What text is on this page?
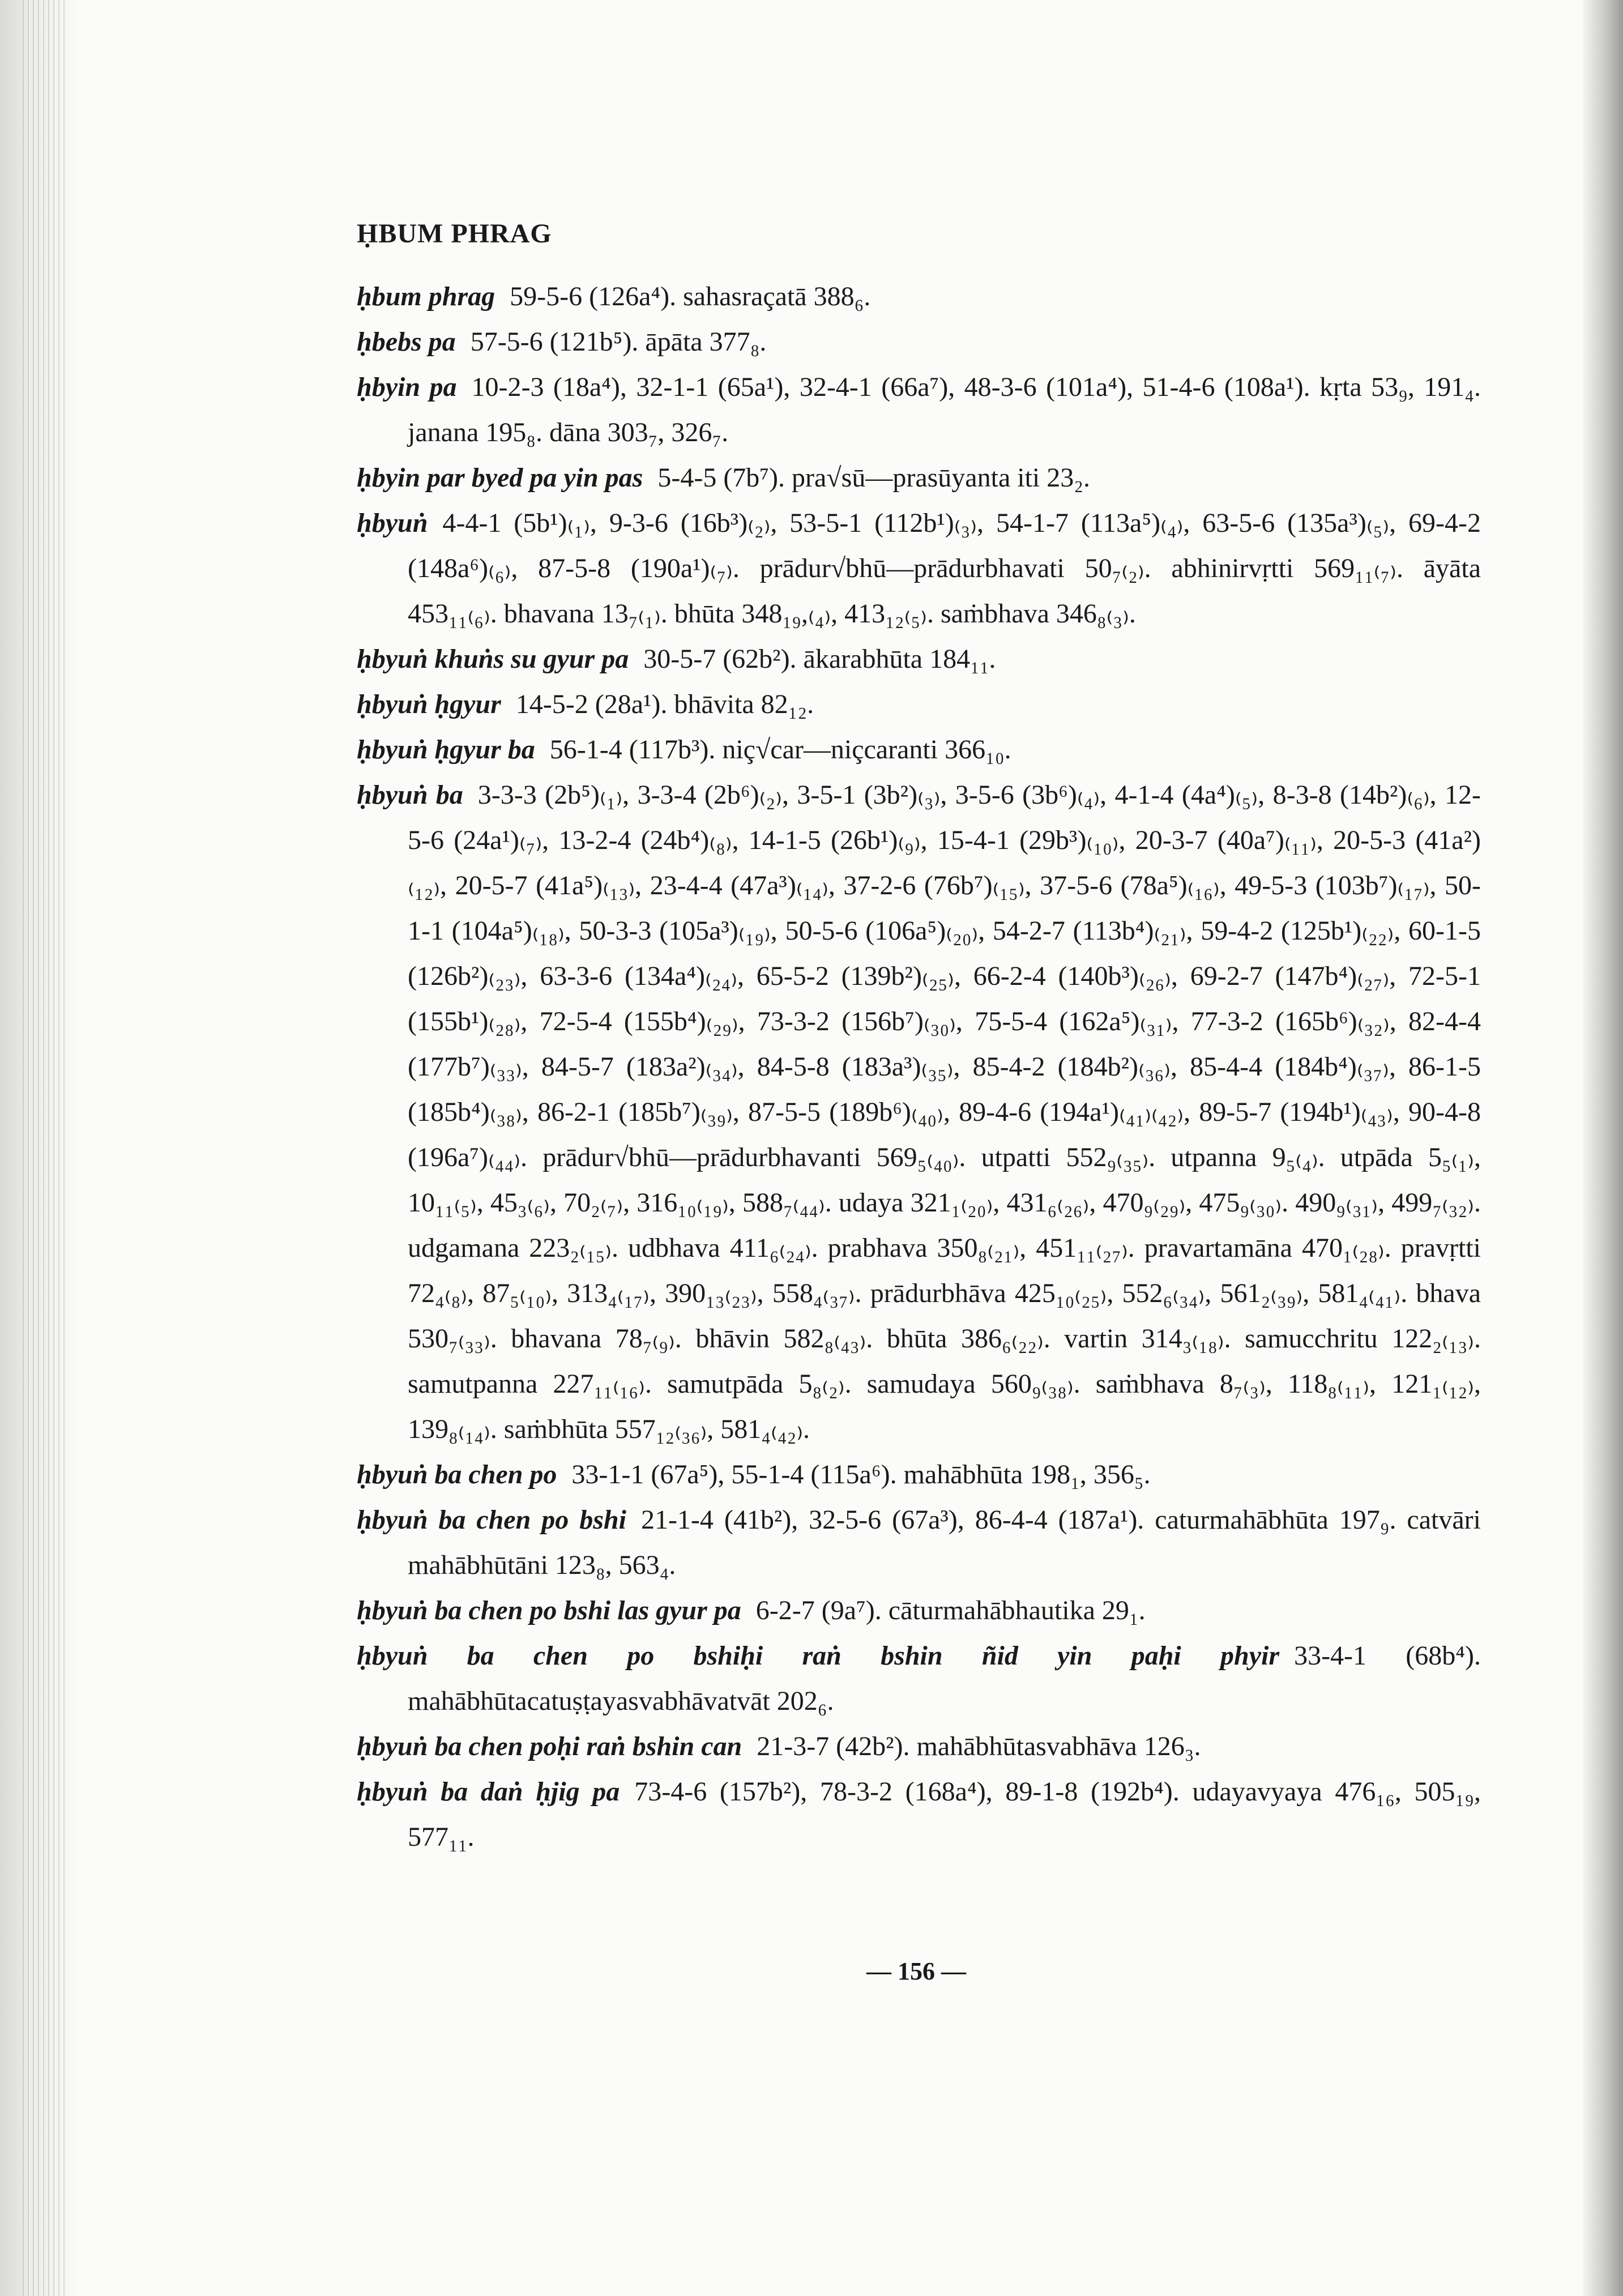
ḤBUM PHRAG

ḥbum phrag 59-5-6 (126a⁴). sahasraçatā 388₆.

ḥbebs pa 57-5-6 (121b⁵). āpāta 377₈.

ḥbyin pa 10-2-3 (18a⁴), 32-1-1 (65a¹), 32-4-1 (66a⁷), 48-3-6 (101a⁴), 51-4-6 (108a¹). kṛta 53₉, 191₄. janana 195₈. dāna 303₇, 326₇.

ḥbyin par byed pa yin pas 5-4-5 (7b⁷). pra√sū—prasūyanta iti 23₂.

ḥbyuṅ 4-4-1 (5b¹)₍₁₎, 9-3-6 (16b³)₍₂₎, 53-5-1 (112b¹)₍₃₎, 54-1-7 (113a⁵)₍₄₎, 63-5-6 (135a³)₍₅₎, 69-4-2 (148a⁶)₍₆₎, 87-5-8 (190a¹)₍₇₎. prādur√bhū—prādurbhavati 50₇₍₂₎. abhinirvṛtti 569₁₁₍₇₎. āyāta 453₁₁₍₆₎. bhavana 13₇₍₁₎. bhūta 348₁₉,₍₄₎, 413₁₂₍₅₎. saṁbhava 346₈₍₃₎.

ḥbyuṅ khuṅs su gyur pa 30-5-7 (62b²). ākarabhūta 184₁₁.

ḥbyuṅ ḥgyur 14-5-2 (28a¹). bhāvita 82₁₂.

ḥbyuṅ ḥgyur ba 56-1-4 (117b³). niç√car—niçcaranti 366₁₀.

ḥbyuṅ ba 3-3-3 (2b⁵)₍₁₎, 3-3-4 (2b⁶)₍₂₎, 3-5-1 (3b²)₍₃₎, 3-5-6 (3b⁶)₍₄₎, 4-1-4 (4a⁴)₍₅₎, 8-3-8 (14b²)₍₆₎, 12-5-6 (24a¹)₍₇₎, 13-2-4 (24b⁴)₍₈₎, 14-1-5 (26b¹)₍₉₎, 15-4-1 (29b³)₍₁₀₎, 20-3-7 (40a⁷)₍₁₁₎, 20-5-3 (41a²)₍₁₂₎, 20-5-7 (41a⁵)₍₁₃₎, 23-4-4 (47a³)₍₁₄₎, 37-2-6 (76b⁷)₍₁₅₎, 37-5-6 (78a⁵)₍₁₆₎, 49-5-3 (103b⁷)₍₁₇₎, 50-1-1 (104a⁵)₍₁₈₎, 50-3-3 (105a³)₍₁₉₎, 50-5-6 (106a⁵)₍₂₀₎, 54-2-7 (113b⁴)₍₂₁₎, 59-4-2 (125b¹)₍₂₂₎, 60-1-5 (126b²)₍₂₃₎, 63-3-6 (134a⁴)₍₂₄₎, 65-5-2 (139b²)₍₂₅₎, 66-2-4 (140b³)₍₂₆₎, 69-2-7 (147b⁴)₍₂₇₎, 72-5-1 (155b¹)₍₂₈₎, 72-5-4 (155b⁴)₍₂₉₎, 73-3-2 (156b⁷)₍₃₀₎, 75-5-4 (162a⁵)₍₃₁₎, 77-3-2 (165b⁶)₍₃₂₎, 82-4-4 (177b⁷)₍₃₃₎, 84-5-7 (183a²)₍₃₄₎, 84-5-8 (183a³)₍₃₅₎, 85-4-2 (184b²)₍₃₆₎, 85-4-4 (184b⁴)₍₃₇₎, 86-1-5 (185b⁴)₍₃₈₎, 86-2-1 (185b⁷)₍₃₉₎, 87-5-5 (189b⁶)₍₄₀₎, 89-4-6 (194a¹)₍₄₁₎₍₄₂₎, 89-5-7 (194b¹)₍₄₃₎, 90-4-8 (196a⁷)₍₄₄₎. prādur√bhū—prādurbhavanti 569₅₍₄₀₎. utpatti 552₉₍₃₅₎. utpanna 9₅₍₄₎. utpāda 5₅₍₁₎, 10₁₁₍₅₎, 45₃₍₆₎, 70₂₍₇₎, 316₁₀₍₁₉₎, 588₇₍₄₄₎. udaya 321₁₍₂₀₎, 431₆₍₂₆₎, 470₉₍₂₉₎, 475₉₍₃₀₎. 490₉₍₃₁₎, 499₇₍₃₂₎. udgamana 223₂₍₁₅₎. udbhava 411₆₍₂₄₎. prabhava 350₈₍₂₁₎, 451₁₁₍₂₇₎. pravartamāna 470₁₍₂₈₎. pravṛtti 72₄₍₈₎, 87₅₍₁₀₎, 313₄₍₁₇₎, 390₁₃₍₂₃₎, 558₄₍₃₇₎. prādurbhāva 425₁₀₍₂₅₎, 552₆₍₃₄₎, 561₂₍₃₉₎, 581₄₍₄₁₎. bhava 530₇₍₃₃₎. bhavana 78₇₍₉₎. bhāvin 582₈₍₄₃₎. bhūta 386₆₍₂₂₎. vartin 314₃₍₁₈₎. samucchritu 122₂₍₁₃₎. samutpanna 227₁₁₍₁₆₎. samutpāda 5₈₍₂₎. samudaya 560₉₍₃₈₎. saṁbhava 8₇₍₃₎, 118₈₍₁₁₎, 121₁₍₁₂₎, 139₈₍₁₄₎. saṁbhūta 557₁₂₍₃₆₎, 581₄₍₄₂₎.

ḥbyuṅ ba chen po 33-1-1 (67a⁵), 55-1-4 (115a⁶). mahābhūta 198₁, 356₅.

ḥbyuṅ ba chen po bshi 21-1-4 (41b²), 32-5-6 (67a³), 86-4-4 (187a¹). caturmahābhūta 197₉. catvāri mahābhūtāni 123₈, 563₄.

ḥbyuṅ ba chen po bshi las gyur pa 6-2-7 (9a⁷). cāturmahābhautika 29₁.

ḥbyuṅ ba chen po bshiḥi raṅ bshin ñid yin paḥi phyir 33-4-1 (68b⁴). mahābhūtacatuṣṭayasvabhāvatvāt 202₆.

ḥbyuṅ ba chen poḥi raṅ bshin can 21-3-7 (42b²). mahābhūtasvabhāva 126₃.

ḥbyuṅ ba daṅ ḥjig pa 73-4-6 (157b²), 78-3-2 (168a⁴), 89-1-8 (192b⁴). udayavyaya 476₁₆, 505₁₉, 577₁₁.

— 156 —
